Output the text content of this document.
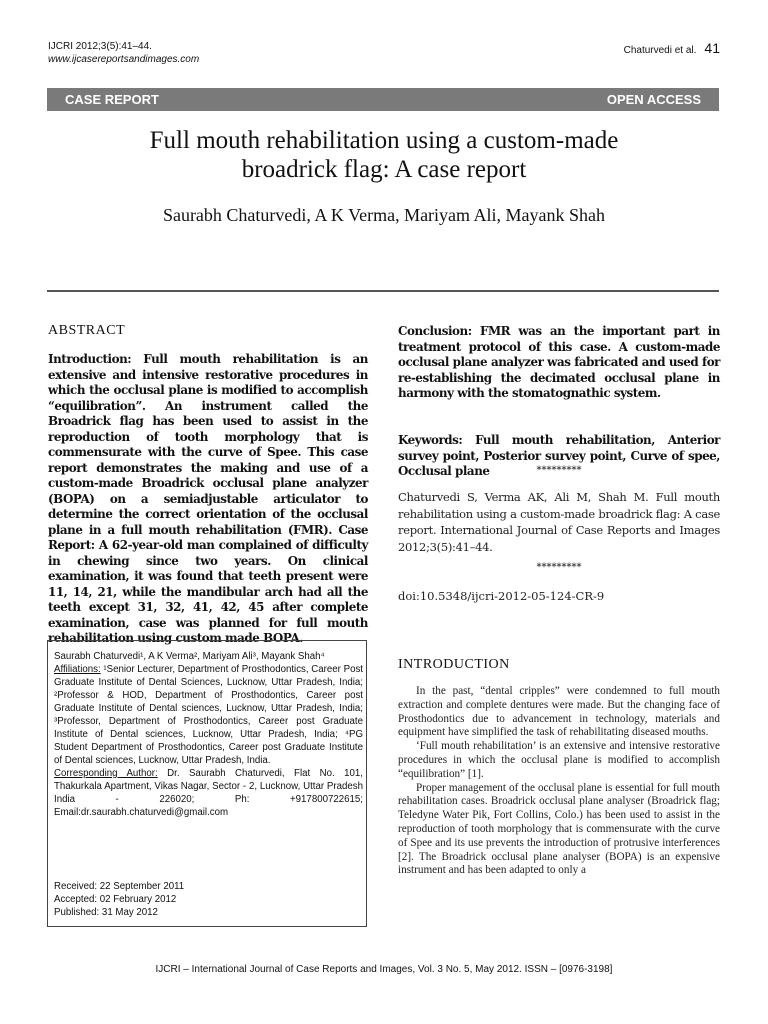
IJCRI 2012;3(5):41–44.
www.ijcasereportsandimages.com
Chaturvedi et al. 41
CASE REPORT	OPEN ACCESS
Full mouth rehabilitation using a custom-made
broadrick flag: A case report
Saurabh Chaturvedi, A K Verma, Mariyam Ali, Mayank Shah
ABSTRACT
Introduction: Full mouth rehabilitation is an extensive and intensive restorative procedures in which the occlusal plane is modified to accomplish “equilibration”. An instrument called the Broadrick flag has been used to assist in the reproduction of tooth morphology that is commensurate with the curve of Spee. This case report demonstrates the making and use of a custom-made Broadrick occlusal plane analyzer (BOPA) on a semiadjustable articulator to determine the correct orientation of the occlusal plane in a full mouth rehabilitation (FMR). Case Report: A 62-year-old man complained of difficulty in chewing since two years. On clinical examination, it was found that teeth present were 11, 14, 21, while the mandibular arch had all the teeth except 31, 32, 41, 42, 45 after complete examination, case was planned for full mouth rehabilitation using custom made BOPA.
Conclusion: FMR was an the important part in treatment protocol of this case. A custom-made occlusal plane analyzer was fabricated and used for re-establishing the decimated occlusal plane in harmony with the stomatognathic system.
Keywords: Full mouth rehabilitation, Anterior survey point, Posterior survey point, Curve of spee, Occlusal plane	*********
Chaturvedi S, Verma AK, Ali M, Shah M. Full mouth rehabilitation using a custom-made broadrick flag: A case report. International Journal of Case Reports and Images 2012;3(5):41–44.
*********
doi:10.5348/ijcri-2012-05-124-CR-9
Saurabh Chaturvedi¹, A K Verma², Mariyam Ali³, Mayank Shah⁴
Affiliations: ¹Senior Lecturer, Department of Prosthodontics, Career Post Graduate Institute of Dental Sciences, Lucknow, Uttar Pradesh, India; ²Professor & HOD, Department of Prosthodontics, Career post Graduate Institute of Dental sciences, Lucknow, Uttar Pradesh, India; ³Professor, Department of Prosthodontics, Career post Graduate Institute of Dental sciences, Lucknow, Uttar Pradesh, India; ⁴PG Student Department of Prosthodontics, Career post Graduate Institute of Dental sciences, Lucknow, Uttar Pradesh, India.
Corresponding Author: Dr. Saurabh Chaturvedi, Flat No. 101, Thakurkala Apartment, Vikas Nagar, Sector - 2, Lucknow, Uttar Pradesh India - 226020; Ph: +917800722615; Email:dr.saurabh.chaturvedi@gmail.com
Received: 22 September 2011
Accepted: 02 February 2012
Published: 31 May 2012
INTRODUCTION

In the past, “dental cripples” were condemned to full mouth extraction and complete dentures were made. But the changing face of Prosthodontics due to advancement in technology, materials and equipment have simplified the task of rehabilitating diseased mouths.

‘Full mouth rehabilitation’ is an extensive and intensive restorative procedures in which the occlusal plane is modified to accomplish “equilibration” [1].

Proper management of the occlusal plane is essential for full mouth rehabilitation cases. Broadrick occlusal plane analyser (Broadrick flag; Teledyne Water Pik, Fort Collins, Colo.) has been used to assist in the reproduction of tooth morphology that is commensurate with the curve of Spee and its use prevents the introduction of protrusive interferences [2]. The Broadrick occlusal plane analyser (BOPA) is an expensive instrument and has been adapted to only a

IJCRI – International Journal of Case Reports and Images, Vol. 3 No. 5, May 2012. ISSN – [0976-3198]
